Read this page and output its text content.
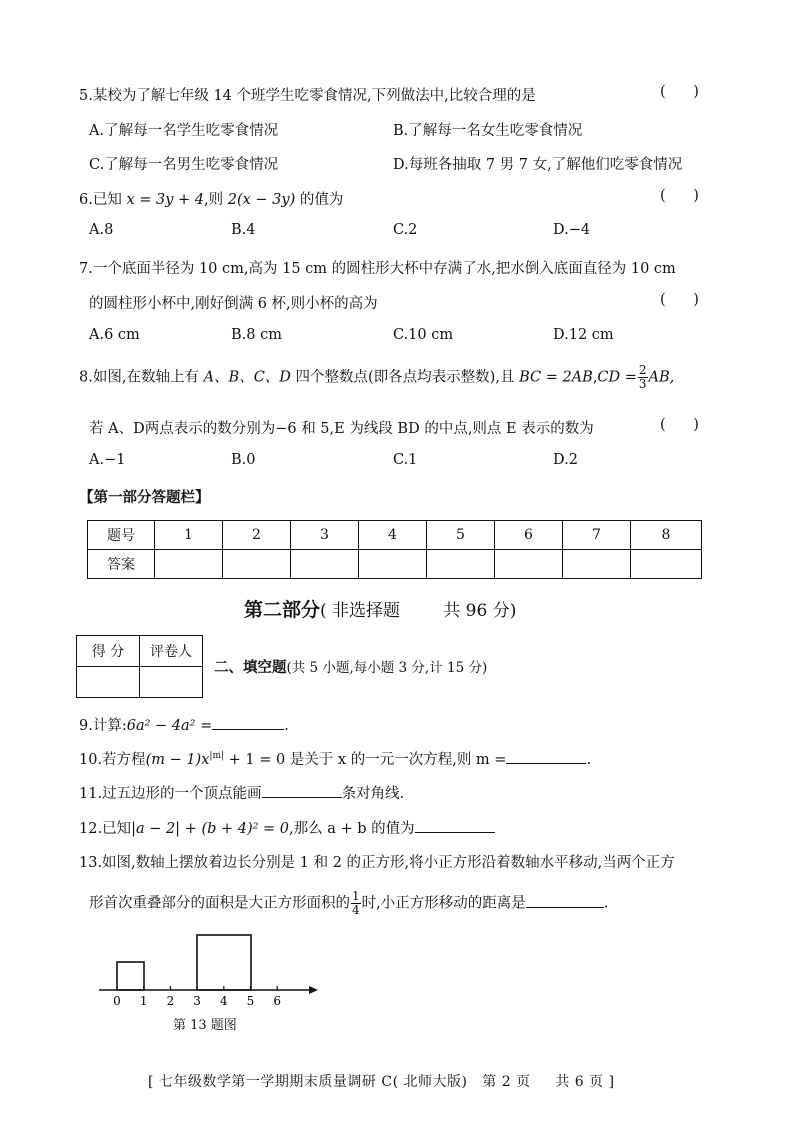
5.某校为了解七年级 14 个班学生吃零食情况,下列做法中,比较合理的是	(      )
A.了解每一名学生吃零食情况	B.了解每一名女生吃零食情况
C.了解每一名男生吃零食情况	D.每班各抽取 7 男 7 女,了解他们吃零食情况
6.已知 x = 3y + 4,则 2(x − 3y) 的值为	(      )
A.8	B.4	C.2	D.−4
7.一个底面半径为 10 cm,高为 15 cm 的圆柱形大杯中存满了水,把水倒入底面直径为 10 cm
的圆柱形小杯中,刚好倒满 6 杯,则小杯的高为	(      )
A.6 cm	B.8 cm	C.10 cm	D.12 cm
8.如图,在数轴上有 A、B、C、D 四个整数点(即各点均表示整数),且 BC = $2AB,CD = \frac{2}{3}$ AB,
若 A、D两点表示的数分别为−6 和 5,E 为线段 BD 的中点,则点 E 表示的数为	(      )
A.−1	B.0	C.1	D.2
【第一部分答题栏】
题号	1	2	3	4	5	6	7	8
答案								
第二部分( 非选择题        共 96 分)
得 分	评卷人

二、填空题(共 5 小题,每小题 3 分,计 15 分)
9.计算:6a² − 4a² =	.
10.若方程$(m - 1)x^{|m|} + 1 = 0$ 是关于 x 的一元一次方程,则 m =	.
11.过五边形的一个顶点能画	条对角线.
12.已知|a − 2| + (b + 4)² = 0,那么 a + b 的值为
13.如图,数轴上摆放着边长分别是 1 和 2 的正方形,将小正方形沿着数轴水平移动,当两个正方
形首次重叠部分的面积是大正方形面积的 $\frac{1}{4}$ 时,小正方形移动的距离是	.
0 1 2 3 4 5 6
第 13 题图
[ 七年级数学第一学期期末质量调研 C( 北师大版)   第 2 页     共 6 页 ]
